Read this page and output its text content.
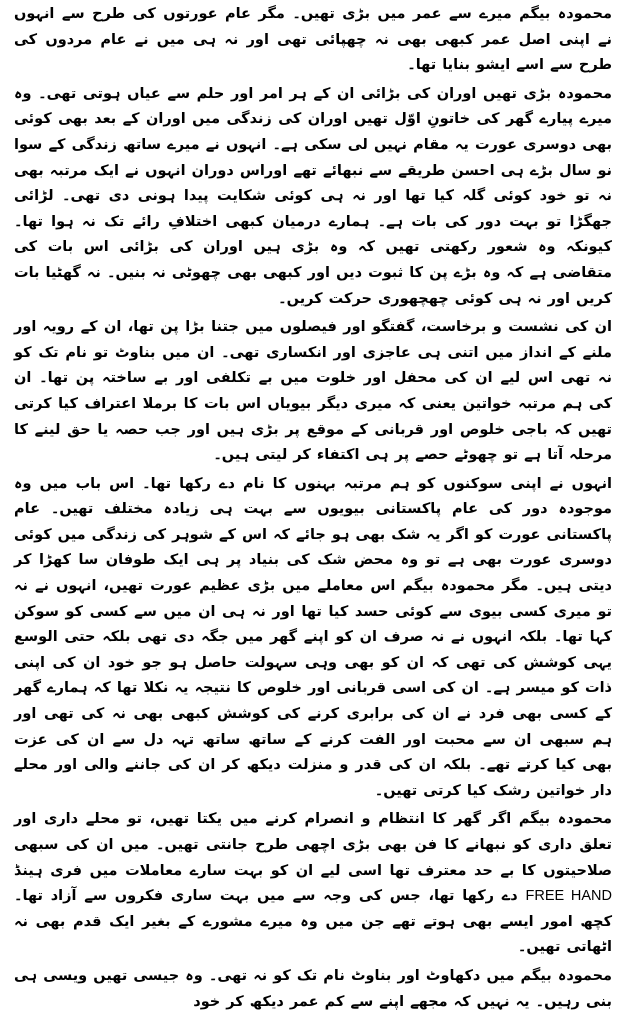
محمودہ بیگم میرے سے عمر میں بڑی تھیں۔ مگر عام عورتوں کی طرح سے انہوں نے اپنی اصل عمر کبھی بھی نہ چھپائی تھی اور نہ ہی میں نے عام مردوں کی طرح سے اسے ایشو بنایا تھا۔

محمودہ بڑی تھیں اوران کی بڑائی ان کے ہر امر اور حلم سے عیاں ہوتی تھی۔ وہ میرے پیارے گھر کی خاتونِ اوّل تھیں اوران کی زندگی میں اوران کے بعد بھی کوئی بھی دوسری عورت یہ مقام نہیں لی سکی ہے۔ انہوں نے میرے ساتھ زندگی کے سوا نو سال بڑے ہی احسن طریقے سے نبھائے تھے اوراس دوران انہوں نے ایک مرتبہ بھی نہ تو خود کوئی گلہ کیا تھا اور نہ ہی کوئی شکایت پیدا ہونی دی تھی۔ لڑائی جھگڑا تو بہت دور کی بات ہے۔ ہمارے درمیان کبھی اختلافِ رائے تک نہ ہوا تھا۔ کیونکہ وہ شعور رکھتی تھیں کہ وہ بڑی ہیں اوران کی بڑائی اس بات کی متقاضی ہے کہ وہ بڑے پن کا ثبوت دیں اور کبھی بھی چھوٹی نہ بنیں۔ نہ گھٹیا بات کریں اور نہ ہی کوئی چھچھوری حرکت کریں۔

ان کی نشست و برخاست، گفتگو اور فیصلوں میں جتنا بڑا پن تھا، ان کے رویہ اور ملنے کے انداز میں اتنی ہی عاجزی اور انکساری تھی۔ ان میں بناوٹ تو نام تک کو نہ تھی اس لیے ان کی محفل اور خلوت میں بے تکلفی اور بے ساختہ پن تھا۔ ان کی ہم مرتبہ خواتین یعنی کہ میری دیگر بیویاں اس بات کا برملا اعتراف کیا کرتی تھیں کہ باجی خلوص اور قربانی کے موقع پر بڑی ہیں اور جب حصہ یا حق لینے کا مرحلہ آتا ہے تو چھوٹے حصے پر ہی اکتفاء کر لیتی ہیں۔

انہوں نے اپنی سوکنوں کو ہم مرتبہ بہنوں کا نام دے رکھا تھا۔ اس باب میں وہ موجودہ دور کی عام پاکستانی بیویوں سے بہت ہی زیادہ مختلف تھیں۔ عام پاکستانی عورت کو اگر یہ شک بھی ہو جائے کہ اس کے شوہر کی زندگی میں کوئی دوسری عورت بھی ہے تو وہ محض شک کی بنیاد پر ہی ایک طوفان سا کھڑا کر دیتی ہیں۔ مگر محمودہ بیگم اس معاملے میں بڑی عظیم عورت تھیں، انہوں نے نہ تو میری کسی بیوی سے کوئی حسد کیا تھا اور نہ ہی ان میں سے کسی کو سوکن کہا تھا۔ بلکہ انہوں نے نہ صرف ان کو اپنے گھر میں جگہ دی تھی بلکہ حتی الوسع یہی کوشش کی تھی کہ ان کو بھی وہی سہولت حاصل ہو جو خود ان کی اپنی ذات کو میسر ہے۔ ان کی اسی قربانی اور خلوص کا نتیجہ یہ نکلا تھا کہ ہمارے گھر کے کسی بھی فرد نے ان کی برابری کرنے کی کوشش کبھی بھی نہ کی تھی اور ہم سبھی ان سے محبت اور الفت کرنے کے ساتھ ساتھ تہہ دل سے ان کی عزت بھی کیا کرتے تھے۔ بلکہ ان کی قدر و منزلت دیکھ کر ان کی جاننے والی اور محلے دار خواتین رشک کیا کرتی تھیں۔

محمودہ بیگم اگر گھر کا انتظام و انصرام کرنے میں یکتا تھیں، تو محلے داری اور تعلق داری کو نبھانے کا فن بھی بڑی اچھی طرح جانتی تھیں۔ میں ان کی سبھی صلاحیتوں کا بے حد معترف تھا اسی لیے ان کو بہت سارے معاملات میں فری ہینڈ FREE HAND دے رکھا تھا، جس کی وجہ سے میں بہت ساری فکروں سے آزاد تھا۔ کچھ امور ایسے بھی ہوتے تھے جن میں وہ میرے مشورے کے بغیر ایک قدم بھی نہ اٹھاتی تھیں۔

محمودہ بیگم میں دکھاوٹ اور بناوٹ نام تک کو نہ تھی۔ وہ جیسی تھیں ویسی ہی بنی رہیں۔ یہ نہیں کہ مجھے اپنے سے کم عمر دیکھ کر خود
